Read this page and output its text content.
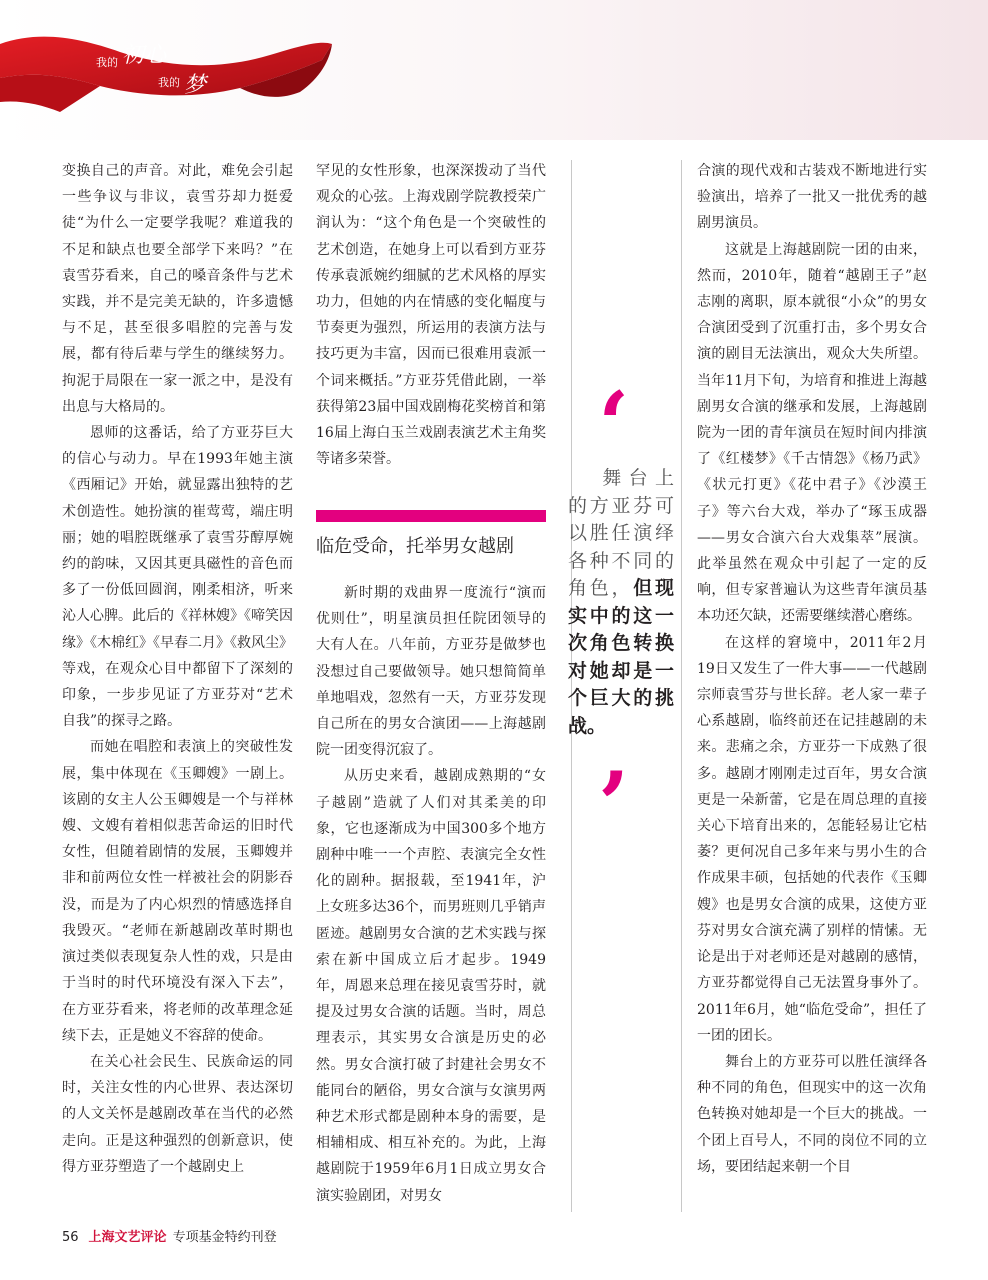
我的 初心
我的 梦

变换自己的声音。对此，难免会引起一些争议与非议，袁雪芬却力挺爱徒“为什么一定要学我呢？难道我的不足和缺点也要全部学下来吗？”在袁雪芬看来，自己的嗓音条件与艺术实践，并不是完美无缺的，许多遗憾与不足，甚至很多唱腔的完善与发展，都有待后辈与学生的继续努力。拘泥于局限在一家一派之中，是没有出息与大格局的。

恩师的这番话，给了方亚芬巨大的信心与动力。早在1993年她主演《西厢记》开始，就显露出独特的艺术创造性。她扮演的崔莺莺，端庄明丽；她的唱腔既继承了袁雪芬醇厚婉约的韵味，又因其更具磁性的音色而多了一份低回圆润，刚柔相济，听来沁人心脾。此后的《祥林嫂》《啼笑因缘》《木棉红》《早春二月》《救风尘》等戏，在观众心目中都留下了深刻的印象，一步步见证了方亚芬对“艺术自我”的探寻之路。

而她在唱腔和表演上的突破性发展，集中体现在《玉卿嫂》一剧上。该剧的女主人公玉卿嫂是一个与祥林嫂、文嫂有着相似悲苦命运的旧时代女性，但随着剧情的发展，玉卿嫂并非和前两位女性一样被社会的阴影吞没，而是为了内心炽烈的情感选择自我毁灭。“老师在新越剧改革时期也演过类似表现复杂人性的戏，只是由于当时的时代环境没有深入下去”，在方亚芬看来，将老师的改革理念延续下去，正是她义不容辞的使命。

在关心社会民生、民族命运的同时，关注女性的内心世界、表达深切的人文关怀是越剧改革在当代的必然走向。正是这种强烈的创新意识，使得方亚芬塑造了一个越剧史上

罕见的女性形象，也深深拨动了当代观众的心弦。上海戏剧学院教授荣广润认为：“这个角色是一个突破性的艺术创造，在她身上可以看到方亚芬传承袁派婉约细腻的艺术风格的厚实功力，但她的内在情感的变化幅度与节奏更为强烈，所运用的表演方法与技巧更为丰富，因而已很难用袁派一个词来概括。”方亚芬凭借此剧，一举获得第23届中国戏剧梅花奖榜首和第16届上海白玉兰戏剧表演艺术主角奖等诸多荣誉。

临危受命，托举男女越剧

新时期的戏曲界一度流行“演而优则仕”，明星演员担任院团领导的大有人在。八年前，方亚芬是做梦也没想过自己要做领导。她只想简简单单地唱戏，忽然有一天，方亚芬发现自己所在的男女合演团——上海越剧院一团变得沉寂了。

从历史来看，越剧成熟期的“女子越剧”造就了人们对其柔美的印象，它也逐渐成为中国300多个地方剧种中唯一一个声腔、表演完全女性化的剧种。据报载，至1941年，沪上女班多达36个，而男班则几乎销声匿迹。越剧男女合演的艺术实践与探索在新中国成立后才起步。1949年，周恩来总理在接见袁雪芬时，就提及过男女合演的话题。当时，周总理表示，其实男女合演是历史的必然。男女合演打破了封建社会男女不能同台的陋俗，男女合演与女演男两种艺术形式都是剧种本身的需要，是相辅相成、相互补充的。为此，上海越剧院于1959年6月1日成立男女合演实验剧团，对男女

‘
舞台上的方亚芬可以胜任演绎各种不同的角色，但现实中的这一次角色转换对她却是一个巨大的挑战。
’

合演的现代戏和古装戏不断地进行实验演出，培养了一批又一批优秀的越剧男演员。

这就是上海越剧院一团的由来，然而，2010年，随着“越剧王子”赵志刚的离职，原本就很“小众”的男女合演团受到了沉重打击，多个男女合演的剧目无法演出，观众大失所望。当年11月下旬，为培育和推进上海越剧男女合演的继承和发展，上海越剧院为一团的青年演员在短时间内排演了《红楼梦》《千古情怨》《杨乃武》《状元打更》《花中君子》《沙漠王子》等六台大戏，举办了“琢玉成器——男女合演六台大戏集萃”展演。此举虽然在观众中引起了一定的反响，但专家普遍认为这些青年演员基本功还欠缺，还需要继续潜心磨练。

在这样的窘境中，2011年2月19日又发生了一件大事——一代越剧宗师袁雪芬与世长辞。老人家一辈子心系越剧，临终前还在记挂越剧的未来。悲痛之余，方亚芬一下成熟了很多。越剧才刚刚走过百年，男女合演更是一朵新蕾，它是在周总理的直接关心下培育出来的，怎能轻易让它枯萎？更何况自己多年来与男小生的合作成果丰硕，包括她的代表作《玉卿嫂》也是男女合演的成果，这使方亚芬对男女合演充满了别样的情愫。无论是出于对老师还是对越剧的感情，方亚芬都觉得自己无法置身事外了。2011年6月，她“临危受命”，担任了一团的团长。

舞台上的方亚芬可以胜任演绎各种不同的角色，但现实中的这一次角色转换对她却是一个巨大的挑战。一个团上百号人，不同的岗位不同的立场，要团结起来朝一个目

56 上海文艺评论 专项基金特约刊登
